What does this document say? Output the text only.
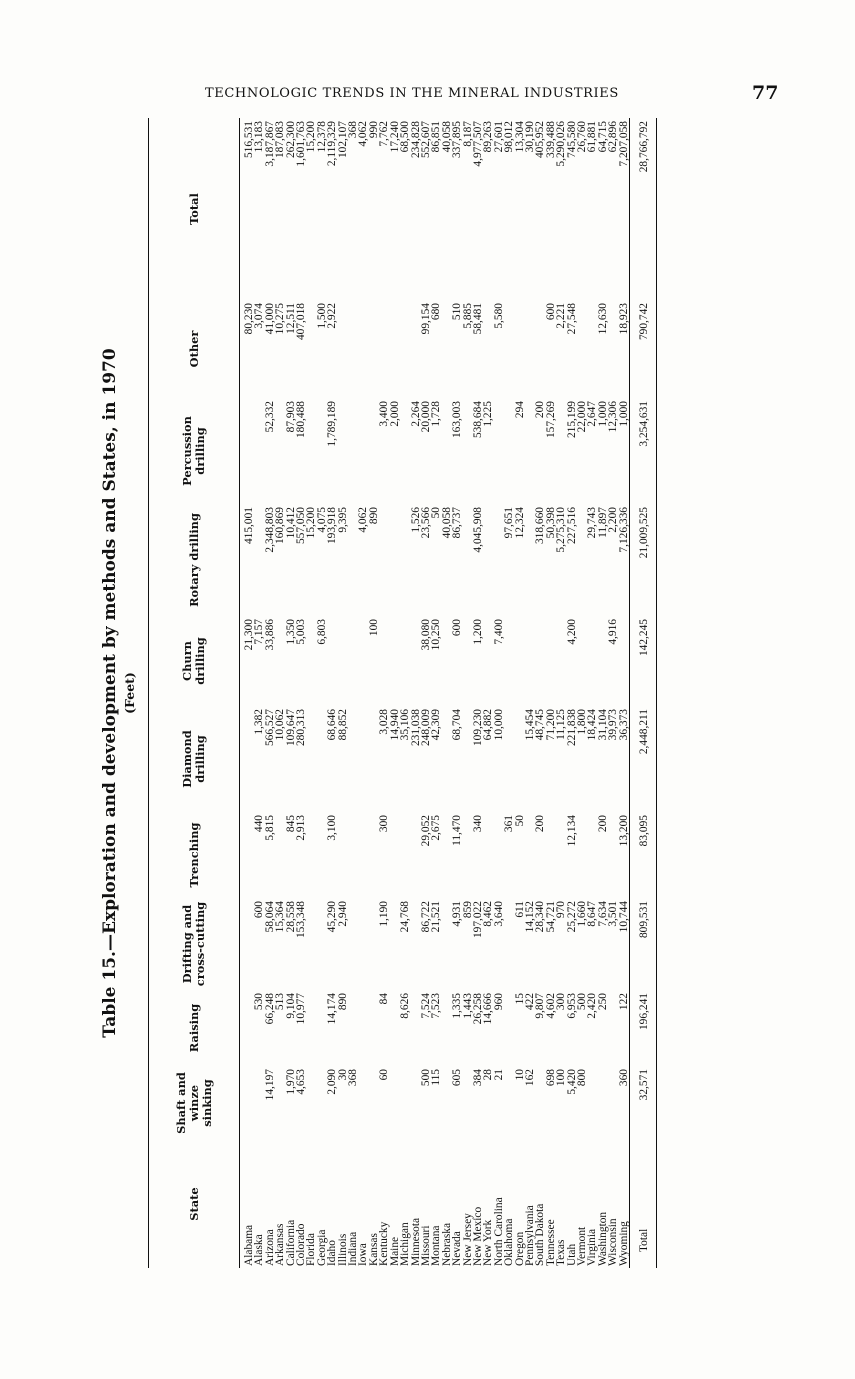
TECHNOLOGIC TRENDS IN THE MINERAL INDUSTRIES	77
Table 15.—Exploration and development by methods and States, in 1970 (Feet)
State	Shaft and winze sinking	Raising	Drifting and cross-cutting	Trenching	Diamond drilling	Churn drilling	Rotary drilling	Percussion drilling	Other	Total
Alabama						21,300	415,001		80,230	516,531
Alaska		530	600	440	1,382	7,157			3,074	13,183
Arizona	14,197	66,248	58,064	5,815	566,527	33,886	2,348,803	52,332	41,000	3,187,867
Arkansas		513	15,364		10,062		160,869		10,275	187,083
California	1,970	9,104	28,558	845	109,647	1,350	10,412	87,903	12,511	262,300
Colorado	4,653	10,977	153,348	2,913	280,313	5,003	557,050	180,488	407,018	1,601,763
Florida							15,200			15,200
Georgia						6,803	4,075		1,500	12,378
Idaho	2,090	14,174	45,290	3,100	68,646		193,918	1,789,189	2,922	2,119,329
Illinois	30	890	2,940		88,852		9,395			102,107
Indiana	368									368
Iowa							4,062			4,062
Kansas						100	890			990
Kentucky	60	84	1,190	300	3,028			3,400		7,762
Maine					14,940			2,000		17,240
Michigan		8,626	24,768		35,106					68,500
Minnesota					231,038		1,526	2,264		234,828
Missouri	500	7,524	86,722	29,052	248,009	38,080	23,566	20,000	99,154	552,607
Montana	115	7,523	21,521	2,675	42,309	10,250	50	1,728	680	86,851
Nebraska							40,058			40,058
Nevada	605	1,335	4,931	11,470	68,704	600	86,737	163,003	510	337,895
New Jersey		1,443	859						5,885	8,187
New Mexico	384	26,258	197,022	340	109,230	1,200	4,045,908	538,684	58,481	4,977,507
New York	28	14,666	8,462		64,882			1,225		89,263
North Carolina	21	960	3,640		10,000	7,400			5,580	27,601
Oklahoma				361			97,651			98,012
Oregon	10	15	611	50			12,324	294		13,304
Pennsylvania	162	422	14,152		15,454					30,190
South Dakota		9,807	28,340	200	48,745		318,660	200		405,952
Tennessee	698	4,602	54,721		71,200		50,398	157,269	600	339,488
Texas	100	300	970		11,125		5,275,310		2,221	5,290,026
Utah	5,420	6,953	25,272	12,134	221,838	4,200	227,516	215,199	27,548	745,580
Vermont	800	500	1,660		1,800			22,000		26,760
Virginia		2,420	8,647		18,424		29,743	2,647		61,881
Washington		250	7,634	200	31,104		11,897	1,000	12,630	64,715
Wisconsin			3,501		39,973	4,916	2,200	12,306		62,896
Wyoming	360	122	10,744	13,200	36,373		7,126,336	1,000	18,923	7,207,058
Total	32,571	196,241	809,531	83,095	2,448,211	142,245	21,009,525	3,254,631	790,742	28,766,792
